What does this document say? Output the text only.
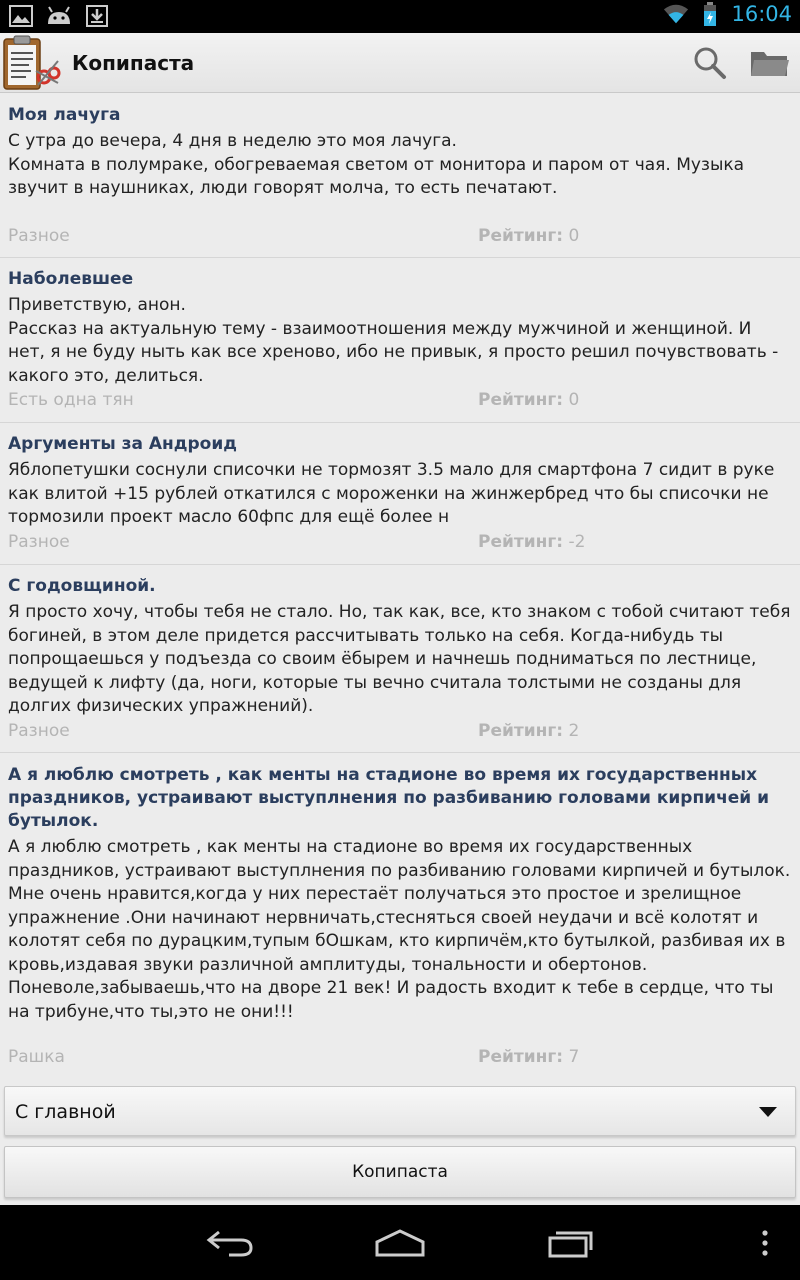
16:04
Копипаста
Моя лачуга
С утра до вечера, 4 дня в неделю это моя лачуга.
Комната в полумраке, обогреваемая светом от монитора и паром от чая. Музыка звучит в наушниках, люди говорят молча, то есть печатают.
Разное	Рейтинг: 0
Наболевшее
Приветствую, анон.
Рассказ на актуальную тему - взаимоотношения между мужчиной и женщиной. И нет, я не буду ныть как все хреново, ибо не привык, я просто решил почувствовать - какого это, делиться.
Есть одна тян	Рейтинг: 0
Аргументы за Андроид
Яблопетушки соснули списочки не тормозят 3.5 мало для смартфона 7 сидит в руке как влитой +15 рублей откатился с мороженки на жинжербред что бы списочки не тормозили проект масло 60фпс для ещё более н
Разное	Рейтинг: -2
С годовщиной.
Я просто хочу, чтобы тебя не стало. Но, так как, все, кто знаком с тобой считают тебя богиней, в этом деле придется рассчитывать только на себя. Когда-нибудь ты попрощаешься у подъезда со своим ёбырем и начнешь подниматься по лестнице, ведущей к лифту (да, ноги, которые ты вечно считала толстыми не созданы для долгих физических упражнений).
Разное	Рейтинг: 2
А я люблю смотреть , как менты на стадионе во время их государственных праздников, устраивают выступлнения по разбиванию головами кирпичей и бутылок.
А я люблю смотреть , как менты на стадионе во время их государственных праздников, устраивают выступлнения по разбиванию головами кирпичей и бутылок. Мне очень нравится,когда у них перестаёт получаться это простое и зрелищное упражнение .Они начинают нервничать,стесняться своей неудачи и всё колотят и колотят себя по дурацким,тупым бОшкам, кто кирпичём,кто бутылкой, разбивая их в кровь,издавая звуки различной амплитуды, тональности и обертонов. Поневоле,забываешь,что на дворе 21 век! И радость входит к тебе в сердце, что ты на трибуне,что ты,это не они!!!
Рашка	Рейтинг: 7
С главной
Копипаста
